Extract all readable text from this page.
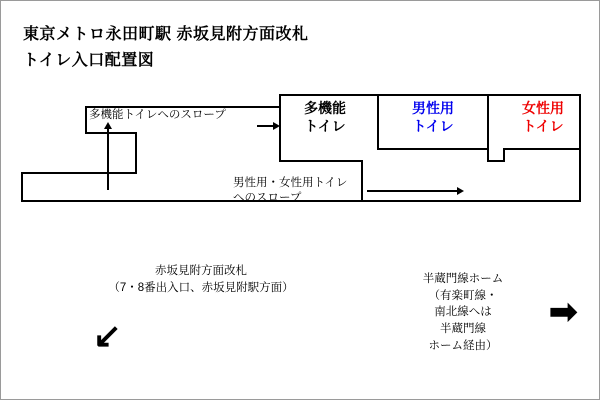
東京メトロ永田町駅 赤坂見附方面改札
トイレ入口配置図
多機能
トイレ
男性用
トイレ
女性用
トイレ
多機能トイレへのスロープ
男性用・女性用トイレ
へのスロープ
赤坂見附方面改札
（7・8番出入口、赤坂見附駅方面）
↙
半蔵門線ホーム
（有楽町線・
南北線へは
半蔵門線
ホーム経由）
➡
